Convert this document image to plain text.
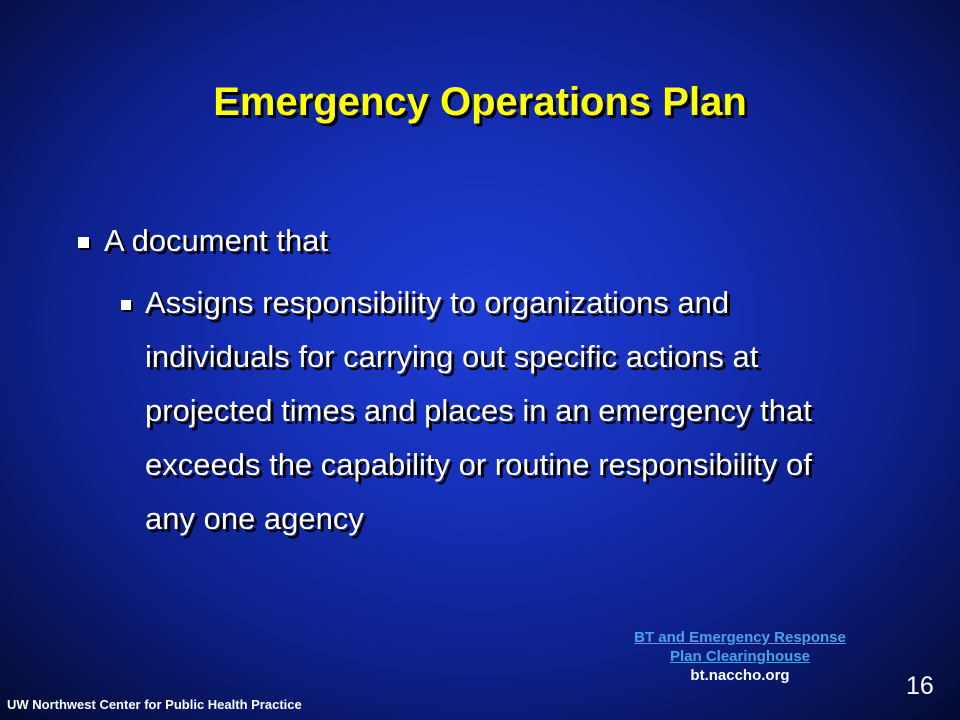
Emergency Operations Plan
A document that
Assigns responsibility to organizations and individuals for carrying out specific actions at projected times and places in an emergency that exceeds the capability or routine responsibility of any one agency
BT and Emergency Response
Plan Clearinghouse
bt.naccho.org	16
UW Northwest Center for Public Health Practice
